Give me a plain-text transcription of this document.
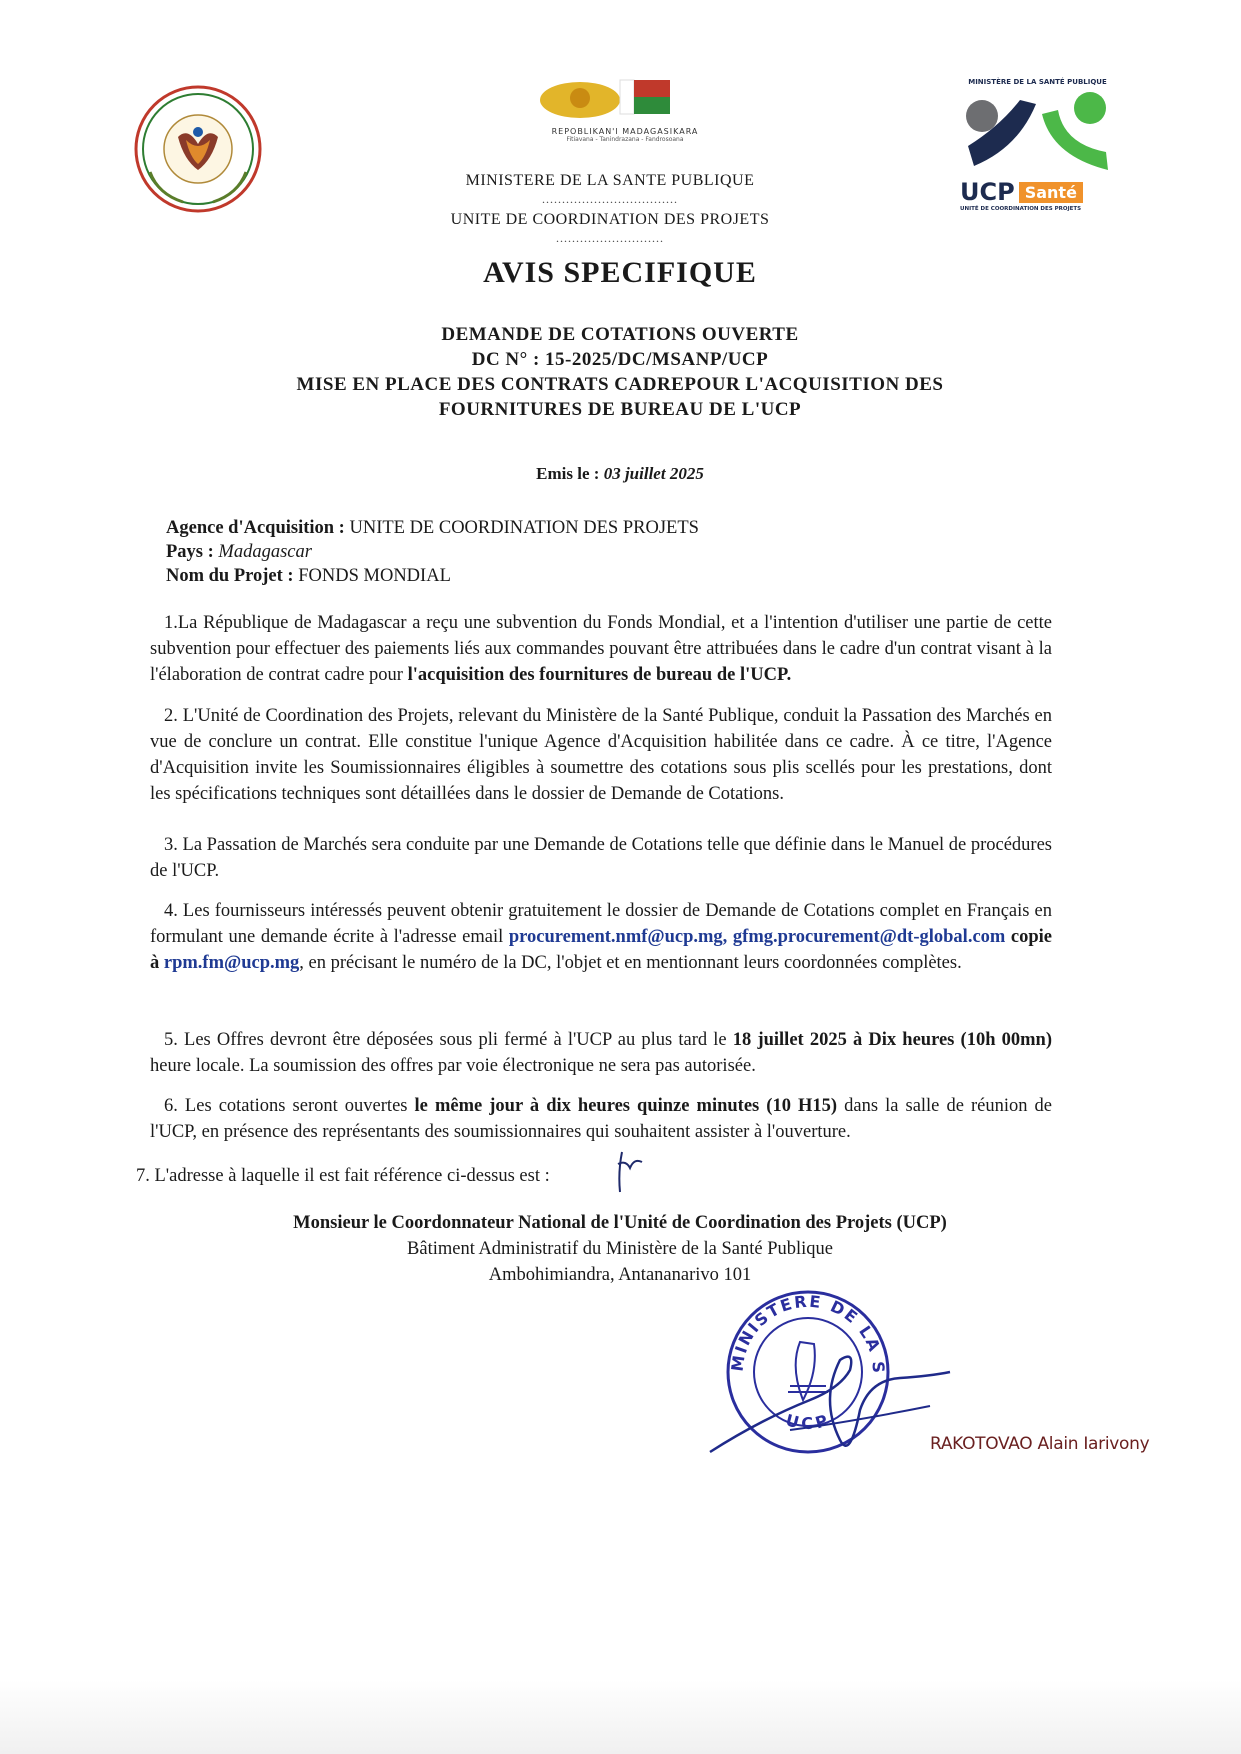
REPOBLIKAN'I MADAGASIKARA
Fitiavana - Tanindrazana - Fandrosoana
MINISTERE DE LA SANTE PUBLIQUE
..................................
UNITE DE COORDINATION DES PROJETS
...........................
MINISTÈRE DE LA SANTÉ PUBLIQUE
UCP Santé
UNITÉ DE COORDINATION DES PROJETS
AVIS SPECIFIQUE
DEMANDE DE COTATIONS OUVERTE
DC N° : 15-2025/DC/MSANP/UCP
MISE EN PLACE DES CONTRATS CADREPOUR L'ACQUISITION DES
FOURNITURES DE BUREAU DE L'UCP
Emis le : 03 juillet 2025
Agence d'Acquisition : UNITE DE COORDINATION DES PROJETS
Pays : Madagascar
Nom du Projet : FONDS MONDIAL
1.La République de Madagascar a reçu une subvention du Fonds Mondial, et a l'intention d'utiliser une partie de cette subvention pour effectuer des paiements liés aux commandes pouvant être attribuées dans le cadre d'un contrat visant à la l'élaboration de contrat cadre pour l'acquisition des fournitures de bureau de l'UCP.
2. L'Unité de Coordination des Projets, relevant du Ministère de la Santé Publique, conduit la Passation des Marchés en vue de conclure un contrat. Elle constitue l'unique Agence d'Acquisition habilitée dans ce cadre. À ce titre, l'Agence d'Acquisition invite les Soumissionnaires éligibles à soumettre des cotations sous plis scellés pour les prestations, dont les spécifications techniques sont détaillées dans le dossier de Demande de Cotations.
3. La Passation de Marchés sera conduite par une Demande de Cotations telle que définie dans le Manuel de procédures de l'UCP.
4. Les fournisseurs intéressés peuvent obtenir gratuitement le dossier de Demande de Cotations complet en Français en formulant une demande écrite à l'adresse email procurement.nmf@ucp.mg, gfmg.procurement@dt-global.com copie à rpm.fm@ucp.mg, en précisant le numéro de la DC, l'objet et en mentionnant leurs coordonnées complètes.
5. Les Offres devront être déposées sous pli fermé à l'UCP au plus tard le 18 juillet 2025 à Dix heures (10h 00mn) heure locale. La soumission des offres par voie électronique ne sera pas autorisée.
6. Les cotations seront ouvertes le même jour à dix heures quinze minutes (10 H15) dans la salle de réunion de l'UCP, en présence des représentants des soumissionnaires qui souhaitent assister à l'ouverture.
7. L'adresse à laquelle il est fait référence ci-dessus est :
Monsieur le Coordonnateur National de l'Unité de Coordination des Projets (UCP)
Bâtiment Administratif du Ministère de la Santé Publique
Ambohimiandra, Antananarivo 101
MINISTERE DE LA S
UCP
RAKOTOVAO Alain Iarivony
